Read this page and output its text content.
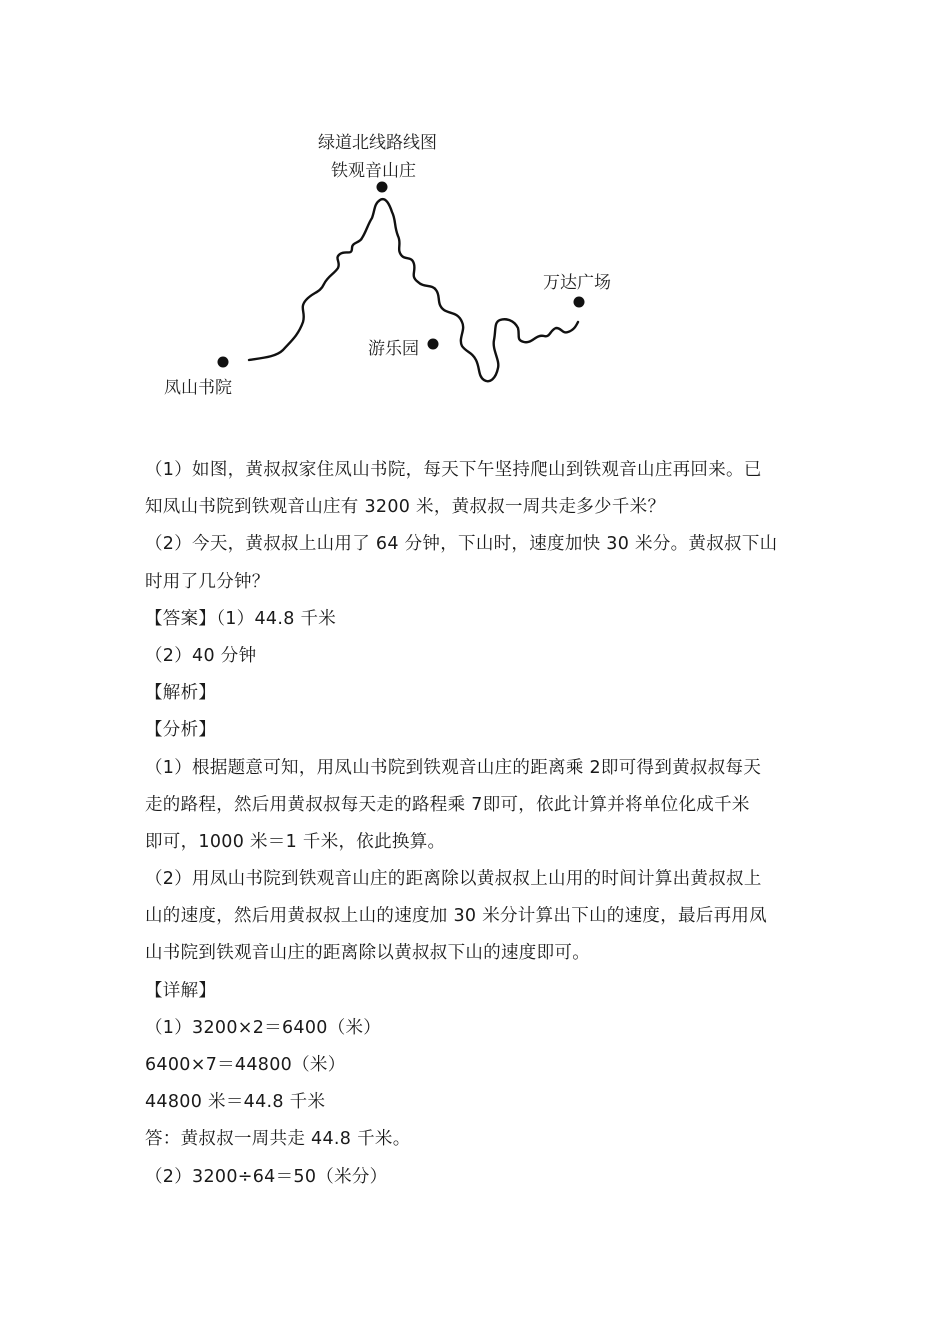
绿道北线路线图
铁观音山庄
万达广场
游乐园
凤山书院
（1）如图，黄叔叔家住凤山书院，每天下午坚持爬山到铁观音山庄再回来。已
知凤山书院到铁观音山庄有 3200 米，黄叔叔一周共走多少千米？
（2）今天，黄叔叔上山用了 64 分钟，下山时，速度加快 30 米分。黄叔叔下山
时用了几分钟？
【答案】（1）44.8 千米
（2）40 分钟
【解析】
【分析】
（1）根据题意可知，用凤山书院到铁观音山庄的距离乘 2即可得到黄叔叔每天
走的路程，然后用黄叔叔每天走的路程乘 7即可，依此计算并将单位化成千米
即可，1000 米＝1 千米，依此换算。
（2）用凤山书院到铁观音山庄的距离除以黄叔叔上山用的时间计算出黄叔叔上
山的速度，然后用黄叔叔上山的速度加 30 米分计算出下山的速度，最后再用凤
山书院到铁观音山庄的距离除以黄叔叔下山的速度即可。
【详解】
（1）3200×2＝6400（米）
6400×7＝44800（米）
44800 米＝44.8 千米
答：黄叔叔一周共走 44.8 千米。
（2）3200÷64＝50（米分）
